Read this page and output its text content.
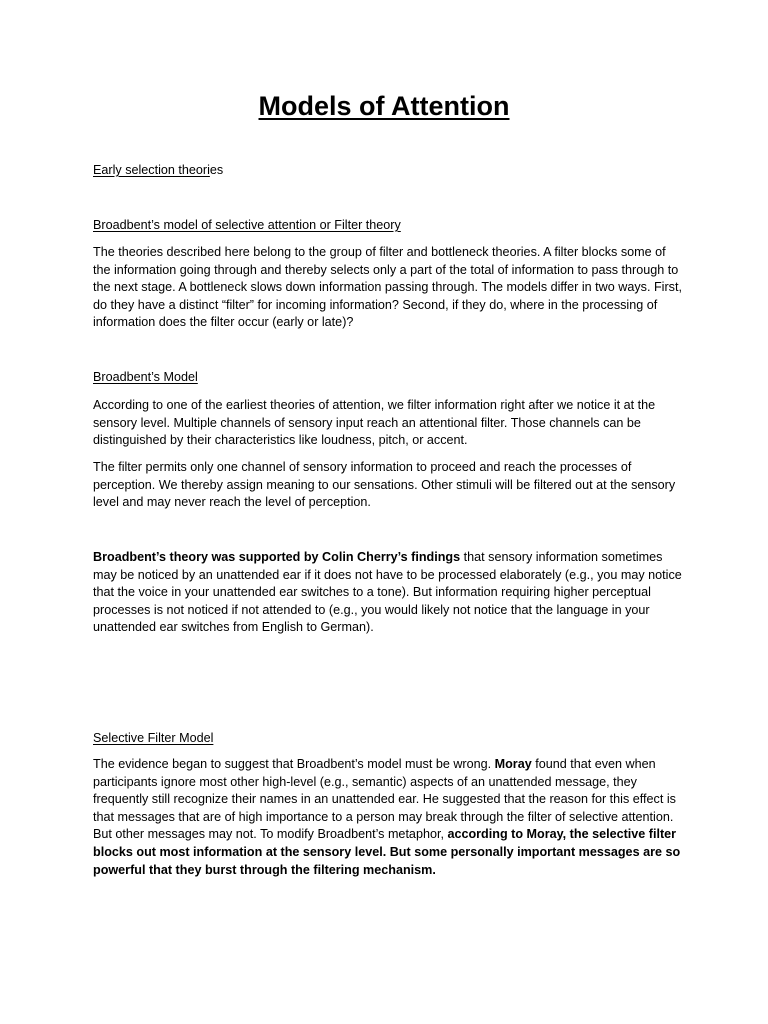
Models of Attention

Early selection theories

Broadbent’s model of selective attention or Filter theory

The theories described here belong to the group of filter and bottleneck theories. A filter blocks some of the information going through and thereby selects only a part of the total of information to pass through to the next stage. A bottleneck slows down information passing through. The models differ in two ways. First, do they have a distinct “filter” for incoming information? Second, if they do, where in the processing of information does the filter occur (early or late)?

Broadbent’s Model

According to one of the earliest theories of attention, we filter information right after we notice it at the sensory level. Multiple channels of sensory input reach an attentional filter. Those channels can be distinguished by their characteristics like loudness, pitch, or accent.

The filter permits only one channel of sensory information to proceed and reach the processes of perception. We thereby assign meaning to our sensations. Other stimuli will be filtered out at the sensory level and may never reach the level of perception.

Broadbent’s theory was supported by Colin Cherry’s findings that sensory information sometimes may be noticed by an unattended ear if it does not have to be processed elaborately (e.g., you may notice that the voice in your unattended ear switches to a tone). But information requiring higher perceptual processes is not noticed if not attended to (e.g., you would likely not notice that the language in your unattended ear switches from English to German).

Selective Filter Model

The evidence began to suggest that Broadbent’s model must be wrong. Moray found that even when participants ignore most other high-level (e.g., semantic) aspects of an unattended message, they frequently still recognize their names in an unattended ear. He suggested that the reason for this effect is that messages that are of high importance to a person may break through the filter of selective attention. But other messages may not. To modify Broadbent’s metaphor, according to Moray, the selective filter blocks out most information at the sensory level. But some personally important messages are so powerful that they burst through the filtering mechanism.
